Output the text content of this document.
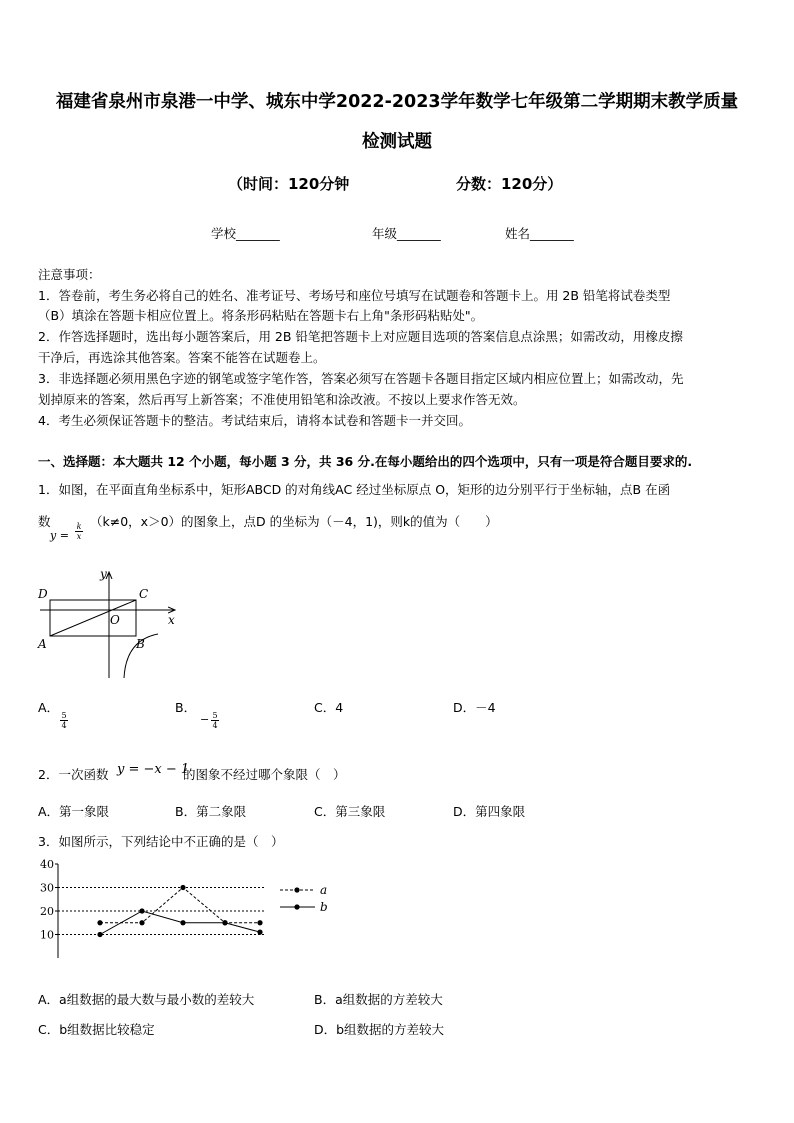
福建省泉州市泉港一中学、城东中学2022-2023学年数学七年级第二学期期末教学质量
检测试题
（时间：120分钟	分数：120分）
学校_______	年级_______	姓名_______
注意事项：
1．答卷前，考生务必将自己的姓名、准考证号、考场号和座位号填写在试题卷和答题卡上。用 2B 铅笔将试卷类型
（B）填涂在答题卡相应位置上。将条形码粘贴在答题卡右上角"条形码粘贴处"。
2．作答选择题时，选出每小题答案后，用 2B 铅笔把答题卡上对应题目选项的答案信息点涂黑；如需改动，用橡皮擦
干净后，再选涂其他答案。答案不能答在试题卷上。
3．非选择题必须用黑色字迹的钢笔或签字笔作答，答案必须写在答题卡各题目指定区域内相应位置上；如需改动，先
划掉原来的答案，然后再写上新答案；不准使用铅笔和涂改液。不按以上要求作答无效。
4．考生必须保证答题卡的整洁。考试结束后，请将本试卷和答题卡一并交回。
一、选择题：本大题共 12 个小题，每小题 3 分，共 36 分.在每小题给出的四个选项中，只有一项是符合题目要求的.
1．如图，在平面直角坐标系中，矩形ABCD 的对角线AC 经过坐标原点 O，矩形的边分别平行于坐标轴，点B 在函
数	（k≠0，x＞0）的图象上，点D 的坐标为（－4，1)，则k的值为（　　）
$y = \frac{k}{x}$
y
x
O
A	B
C
D
A．
$\frac{5}{4}$
B．
− $\frac{5}{4}$
C．4	D．－4
2．一次函数 y = −x − 1
的图象不经过哪个象限（　）
A．第一象限	B．第二象限	C．第三象限	D．第四象限
3．如图所示，下列结论中不正确的是（　）
40
30
20
10
a
b
A．a组数据的最大数与最小数的差较大	B．a组数据的方差较大
C．b组数据比较稳定	D．b组数据的方差较大
